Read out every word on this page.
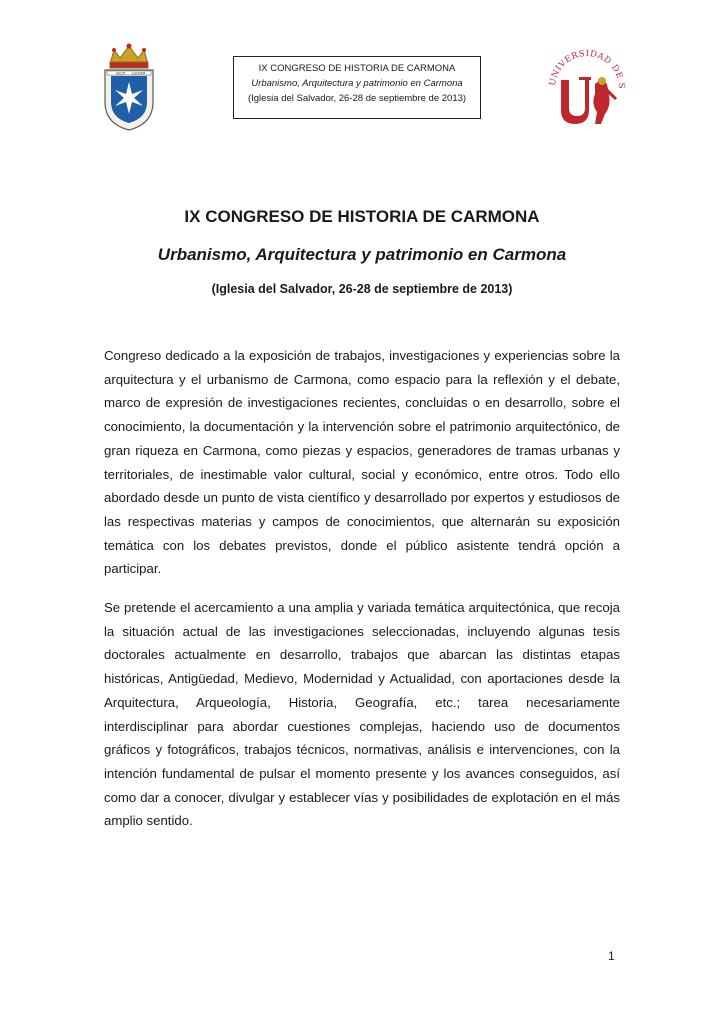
SICUT LUCIFER	IX CONGRESO DE HISTORIA DE CARMONA
Urbanismo, Arquitectura y patrimonio en Carmona
(Iglesia del Salvador, 26-28 de septiembre de 2013)
UNIVERSIDAD DE S

IX CONGRESO DE HISTORIA DE CARMONA

Urbanismo, Arquitectura y patrimonio en Carmona

(Iglesia del Salvador, 26-28 de septiembre de 2013)

Congreso dedicado a la exposición de trabajos, investigaciones y experiencias sobre la arquitectura y el urbanismo de Carmona, como espacio para la reflexión y el debate, marco de expresión de investigaciones recientes, concluidas o en desarrollo, sobre el conocimiento, la documentación y la intervención sobre el patrimonio arquitectónico, de gran riqueza en Carmona, como piezas y espacios, generadores de tramas urbanas y territoriales, de inestimable valor cultural, social y económico, entre otros. Todo ello abordado desde un punto de vista científico y desarrollado por expertos y estudiosos de las respectivas materias y campos de conocimientos, que alternarán su exposición temática con los debates previstos, donde el público asistente tendrá opción a participar.

Se pretende el acercamiento a una amplia y variada temática arquitectónica, que recoja la situación actual de las investigaciones seleccionadas, incluyendo algunas tesis doctorales actualmente en desarrollo, trabajos que abarcan las distintas etapas históricas, Antigüedad, Medievo, Modernidad y Actualidad, con aportaciones desde la Arquitectura, Arqueología, Historia, Geografía, etc.; tarea necesariamente interdisciplinar para abordar cuestiones complejas, haciendo uso de documentos gráficos y fotográficos, trabajos técnicos, normativas, análisis e intervenciones, con la intención fundamental de pulsar el momento presente y los avances conseguidos, así como dar a conocer, divulgar y establecer vías y posibilidades de explotación en el más amplio sentido.

1
